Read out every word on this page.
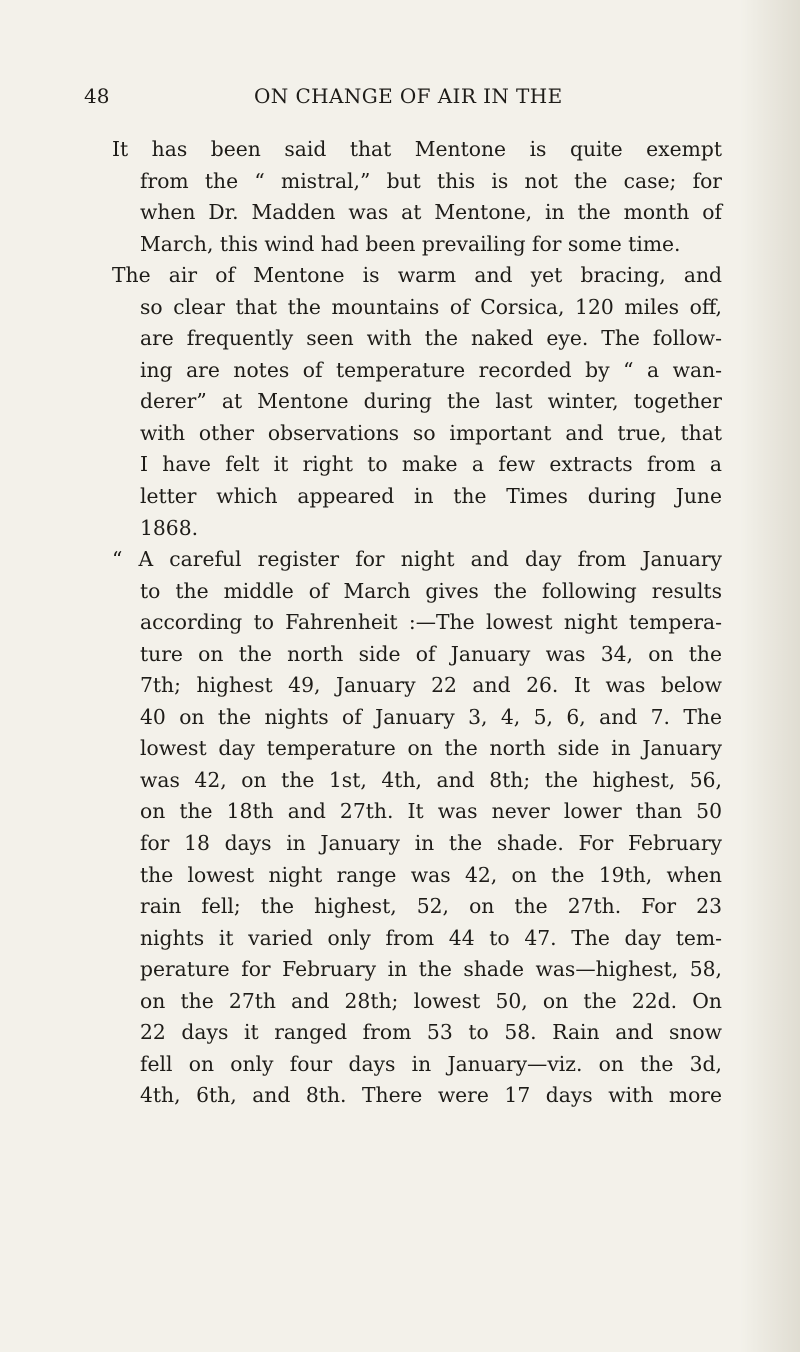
48	ON CHANGE OF AIR IN THE
It has been said that Mentone is quite exempt
from the “ mistral,” but this is not the case; for
when Dr. Madden was at Mentone, in the month of
March, this wind had been prevailing for some time.
The air of Mentone is warm and yet bracing, and
so clear that the mountains of Corsica, 120 miles off,
are frequently seen with the naked eye. The follow-
ing are notes of temperature recorded by “ a wan-
derer” at Mentone during the last winter, together
with other observations so important and true, that
I have felt it right to make a few extracts from a
letter which appeared in the Times during June
1868.
“ A careful register for night and day from January
to the middle of March gives the following results
according to Fahrenheit :—The lowest night tempera-
ture on the north side of January was 34, on the
7th; highest 49, January 22 and 26. It was below
40 on the nights of January 3, 4, 5, 6, and 7. The
lowest day temperature on the north side in January
was 42, on the 1st, 4th, and 8th; the highest, 56,
on the 18th and 27th. It was never lower than 50
for 18 days in January in the shade. For February
the lowest night range was 42, on the 19th, when
rain fell; the highest, 52, on the 27th. For 23
nights it varied only from 44 to 47. The day tem-
perature for February in the shade was—highest, 58,
on the 27th and 28th; lowest 50, on the 22d. On
22 days it ranged from 53 to 58. Rain and snow
fell on only four days in January—viz. on the 3d,
4th, 6th, and 8th. There were 17 days with more
